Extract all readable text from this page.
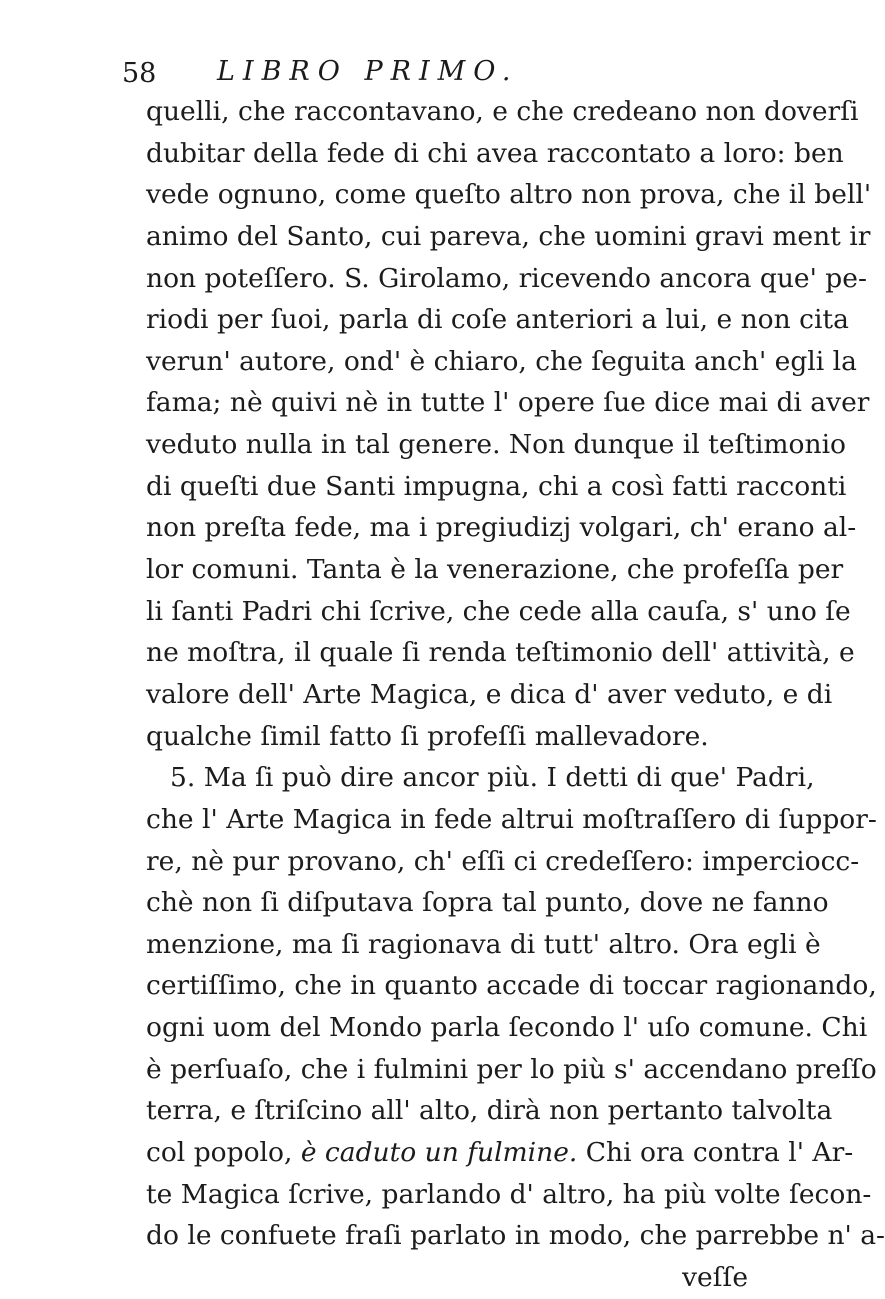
58 LIBRO PRIMO.
quelli, che raccontavano, e che credeano non doverſi
dubitar della fede di chi avea raccontato a loro: ben
vede ognuno, come queſto altro non prova, che il bell'
animo del Santo, cui pareva, che uomini gravi ment ir
non poteſſero. S. Girolamo, ricevendo ancora que' pe-
riodi per ſuoi, parla di coſe anteriori a lui, e non cita
verun' autore, ond' è chiaro, che ſeguita anch' egli la
fama; nè quivi nè in tutte l' opere ſue dice mai di aver
veduto nulla in tal genere. Non dunque il teſtimonio
di queſti due Santi impugna, chi a così fatti racconti
non preſta fede, ma i pregiudizj volgari, ch' erano al-
lor comuni. Tanta è la venerazione, che profeſſa per
li ſanti Padri chi ſcrive, che cede alla cauſa, s' uno ſe
ne moſtra, il quale ſi renda teſtimonio dell' attività, e
valore dell' Arte Magica, e dica d' aver veduto, e di
qualche ſimil fatto ſi profeſſi mallevadore.
5. Ma ſi può dire ancor più. I detti di que' Padri,
che l' Arte Magica in fede altrui moſtraſſero di ſuppor-
re, nè pur provano, ch' eſſi ci credeſſero: imperciocc-
chè non ſi diſputava ſopra tal punto, dove ne fanno
menzione, ma ſi ragionava di tutt' altro. Ora egli è
certiſſimo, che in quanto accade di toccar ragionando,
ogni uom del Mondo parla ſecondo l' uſo comune. Chi
è perſuaſo, che i fulmini per lo più s' accendano preſſo
terra, e ſtriſcino all' alto, dirà non pertanto talvolta
col popolo, è caduto un fulmine. Chi ora contra l' Ar-
te Magica ſcrive, parlando d' altro, ha più volte ſecon-
do le confuete fraſi parlato in modo, che parrebbe n' a-
veſſe
